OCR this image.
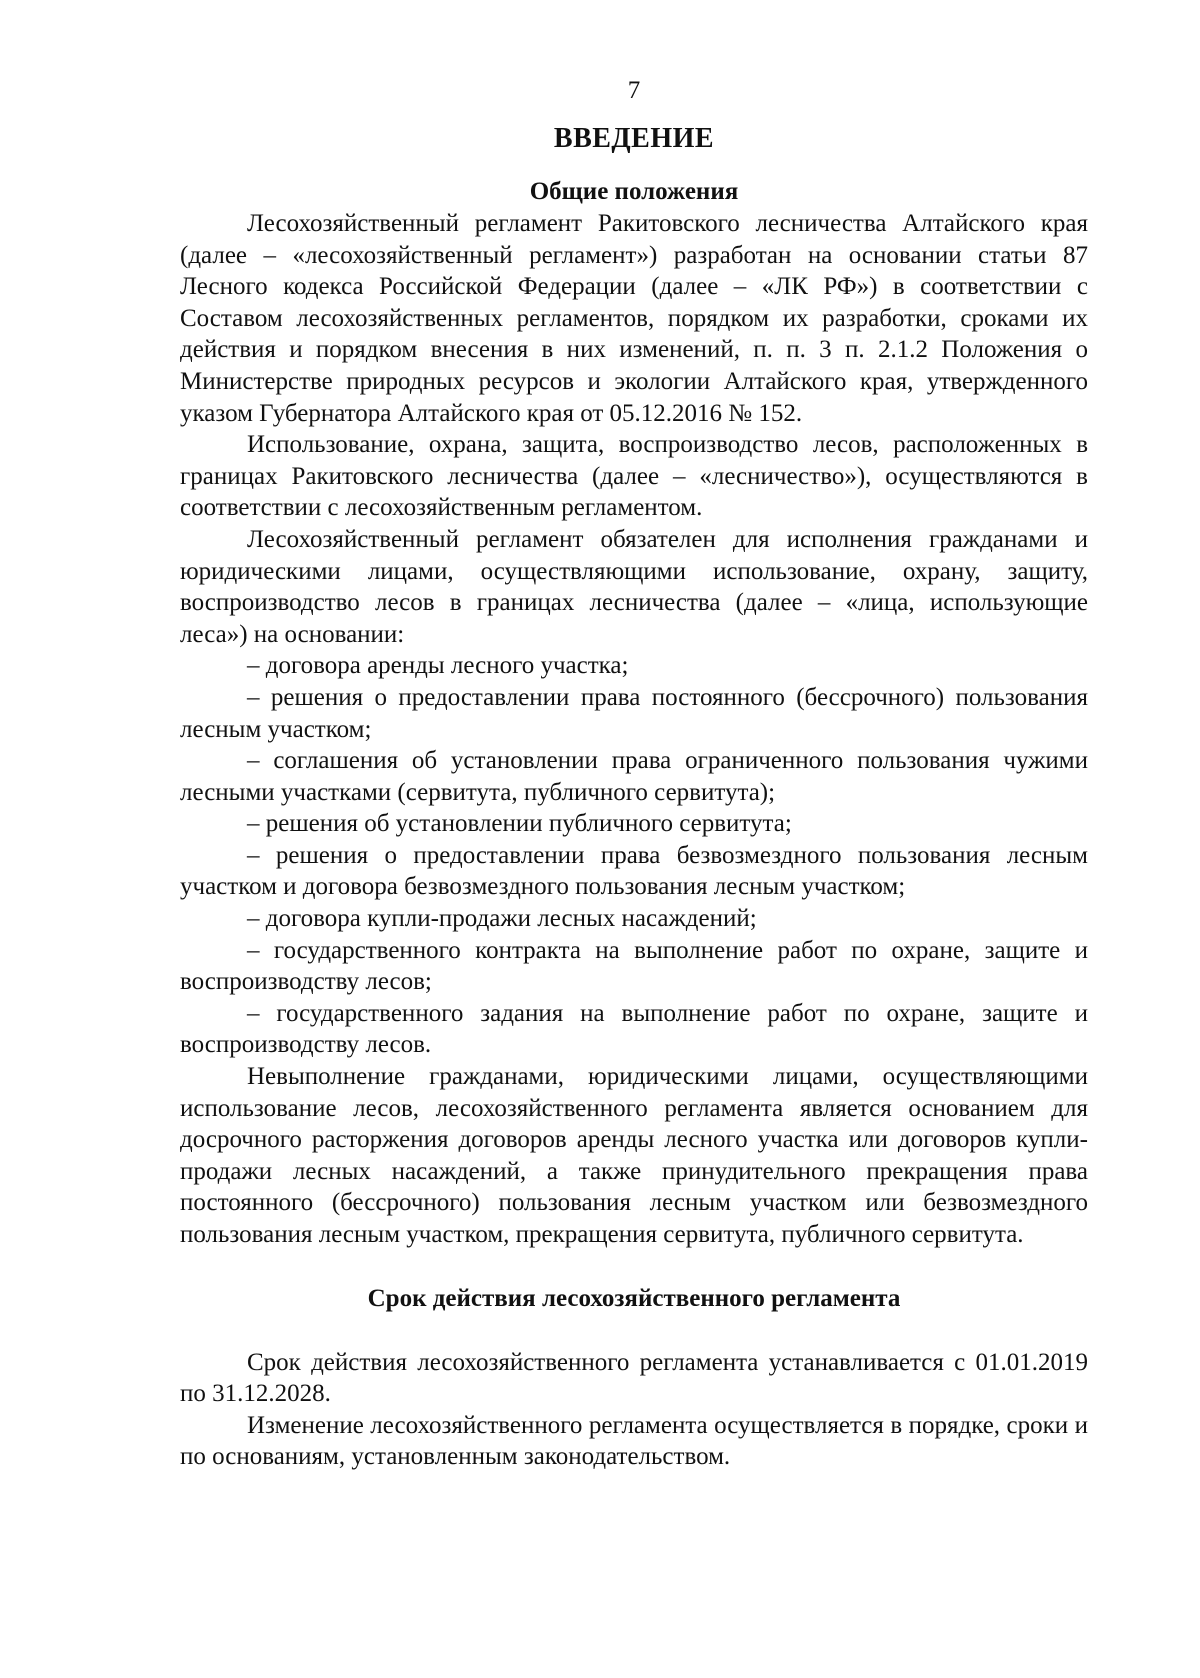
7
ВВЕДЕНИЕ
Общие положения

Лесохозяйственный регламент Ракитовского лесничества Алтайского края (далее – «лесохозяйственный регламент») разработан на основании статьи 87 Лесного кодекса Российской Федерации (далее – «ЛК РФ») в соответствии с Составом лесохозяйственных регламентов, порядком их разработки, сроками их действия и порядком внесения в них изменений, п. п. 3 п. 2.1.2 Положения о Министерстве природных ресурсов и экологии Алтайского края, утвержденного указом Губернатора Алтайского края от 05.12.2016 № 152.

Использование, охрана, защита, воспроизводство лесов, расположенных в границах Ракитовского лесничества (далее – «лесничество»), осуществляются в соответствии с лесохозяйственным регламентом.

Лесохозяйственный регламент обязателен для исполнения гражданами и юридическими лицами, осуществляющими использование, охрану, защиту, воспроизводство лесов в границах лесничества (далее – «лица, использующие леса») на основании:

– договора аренды лесного участка;

– решения о предоставлении права постоянного (бессрочного) пользования лесным участком;

– соглашения об установлении права ограниченного пользования чужими лесными участками (сервитута, публичного сервитута);

– решения об установлении публичного сервитута;

– решения о предоставлении права безвозмездного пользования лесным участком и договора безвозмездного пользования лесным участком;

– договора купли-продажи лесных насаждений;

– государственного контракта на выполнение работ по охране, защите и воспроизводству лесов;

– государственного задания на выполнение работ по охране, защите и воспроизводству лесов.

Невыполнение гражданами, юридическими лицами, осуществляющими использование лесов, лесохозяйственного регламента является основанием для досрочного расторжения договоров аренды лесного участка или договоров купли-продажи лесных насаждений, а также принудительного прекращения права постоянного (бессрочного) пользования лесным участком или безвозмездного пользования лесным участком, прекращения сервитута, публичного сервитута.

Срок действия лесохозяйственного регламента

Срок действия лесохозяйственного регламента устанавливается с 01.01.2019 по 31.12.2028.

Изменение лесохозяйственного регламента осуществляется в порядке, сроки и по основаниям, установленным законодательством.
